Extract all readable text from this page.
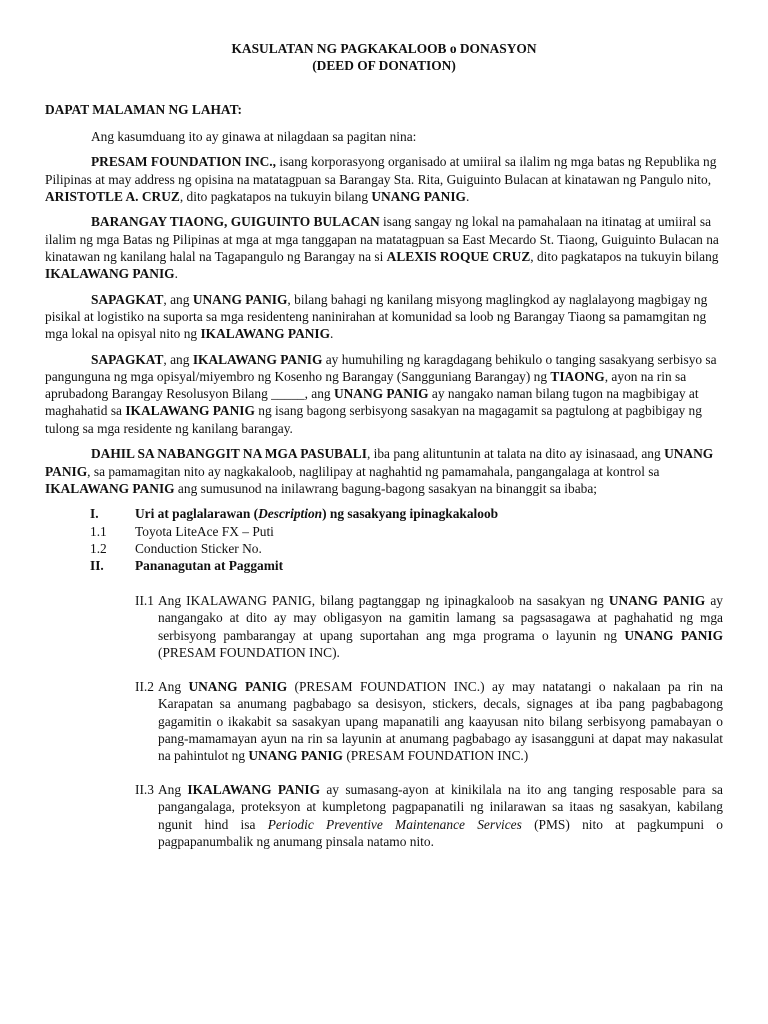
KASULATAN NG PAGKAKALOOB o DONASYON

(DEED OF DONATION)

DAPAT MALAMAN NG LAHAT:

Ang kasumduang ito ay ginawa at nilagdaan sa pagitan nina:

PRESAM FOUNDATION INC., isang korporasyong organisado at umiiral sa ilalim ng mga batas ng Republika ng Pilipinas at may address ng opisina na matatagpuan sa Barangay Sta. Rita, Guiguinto Bulacan at kinatawan ng Pangulo nito, ARISTOTLE A. CRUZ, dito pagkatapos na tukuyin bilang UNANG PANIG.

BARANGAY TIAONG, GUIGUINTO BULACAN isang sangay ng lokal na pamahalaan na itinatag at umiiral sa ilalim ng mga Batas ng Pilipinas at mga at mga tanggapan na matatagpuan sa East Mecardo St. Tiaong, Guiguinto Bulacan na kinatawan ng kanilang halal na Tagapangulo ng Barangay na si ALEXIS ROQUE CRUZ, dito pagkatapos na tukuyin bilang IKALAWANG PANIG.

SAPAGKAT, ang UNANG PANIG, bilang bahagi ng kanilang misyong maglingkod ay naglalayong magbigay ng pisikal at logistiko na suporta sa mga residenteng naninirahan at komunidad sa loob ng Barangay Tiaong sa pamamgitan ng mga lokal na opisyal nito ng IKALAWANG PANIG.

SAPAGKAT, ang IKALAWANG PANIG ay humuhiling ng karagdagang behikulo o tanging sasakyang serbisyo sa pangunguna ng mga opisyal/miyembro ng Kosenho ng Barangay (Sangguniang Barangay) ng TIAONG, ayon na rin sa aprubadong Barangay Resolusyon Bilang _____, ang UNANG PANIG ay nangako naman bilang tugon na magbibigay at maghahatid sa IKALAWANG PANIG ng isang bagong serbisyong sasakyan na magagamit sa pagtulong at pagbibigay ng tulong sa mga residente ng kanilang barangay.

DAHIL SA NABANGGIT NA MGA PASUBALI, iba pang alituntunin at talata na dito ay isinasaad, ang UNANG PANIG, sa pamamagitan nito ay nagkakaloob, naglilipay at naghahtid ng pamamahala, pangangalaga at kontrol sa IKALAWANG PANIG ang sumusunod na inilawrang bagung-bagong sasakyan na binanggit sa ibaba;

I.	Uri at paglalarawan (Description) ng sasakyang ipinagkakaloob
1.1	Toyota LiteAce FX – Puti
1.2	Conduction Sticker No.
II.	Pananagutan at Paggamit
II.1 Ang IKALAWANG PANIG, bilang pagtanggap ng ipinagkaloob na sasakyan ng UNANG PANIG ay nangangako at dito ay may obligasyon na gamitin lamang sa pagsasagawa at paghahatid ng mga serbisyong pambarangay at upang suportahan ang mga programa o layunin ng UNANG PANIG (PRESAM FOUNDATION INC).
II.2 Ang UNANG PANIG (PRESAM FOUNDATION INC.) ay may natatangi o nakalaan pa rin na Karapatan sa anumang pagbabago sa desisyon, stickers, decals, signages at iba pang pagbabagong gagamitin o ikakabit sa sasakyan upang mapanatili ang kaayusan nito bilang serbisyong pamabayan o pang-mamamayan ayun na rin sa layunin at anumang pagbabago ay isasangguni at dapat may nakasulat na pahintulot ng UNANG PANIG (PRESAM FOUNDATION INC.)
II.3 Ang IKALAWANG PANIG ay sumasang-ayon at kinikilala na ito ang tanging resposable para sa pangangalaga, proteksyon at kumpletong pagpapanatili ng inilarawan sa itaas ng sasakyan, kabilang ngunit hind isa Periodic Preventive Maintenance Services (PMS) nito at pagkumpuni o pagpapanumbalik ng anumang pinsala natamo nito.
